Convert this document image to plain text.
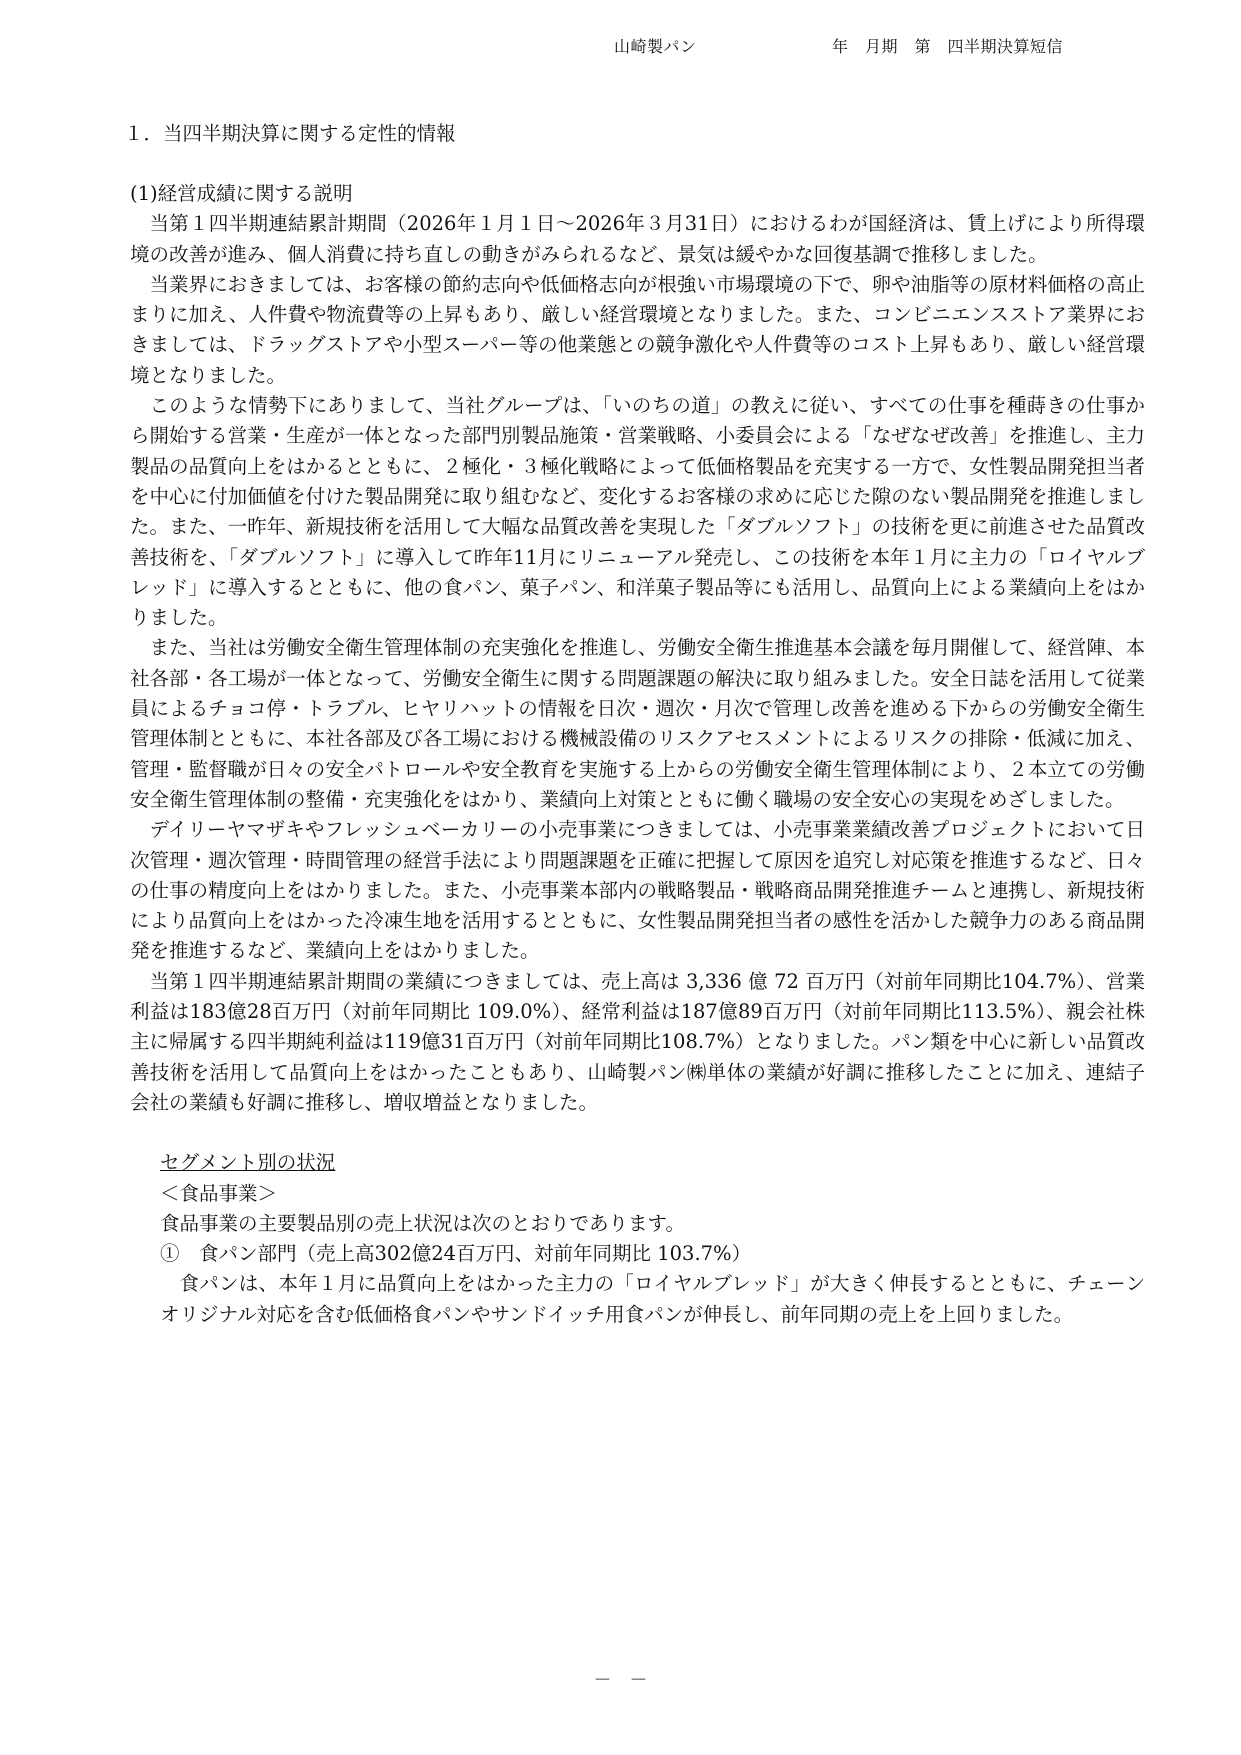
山崎製パン	年　月期　第　四半期決算短信
１．当四半期決算に関する定性的情報

(1)経営成績に関する説明

当第１四半期連結累計期間（2026年１月１日～2026年３月31日）におけるわが国経済は、賃上げにより所得環境の改善が進み、個人消費に持ち直しの動きがみられるなど、景気は緩やかな回復基調で推移しました。

当業界におきましては、お客様の節約志向や低価格志向が根強い市場環境の下で、卵や油脂等の原材料価格の高止まりに加え、人件費や物流費等の上昇もあり、厳しい経営環境となりました。また、コンビニエンスストア業界におきましては、ドラッグストアや小型スーパー等の他業態との競争激化や人件費等のコスト上昇もあり、厳しい経営環境となりました。

このような情勢下にありまして、当社グループは、「いのちの道」の教えに従い、すべての仕事を種蒔きの仕事から開始する営業・生産が一体となった部門別製品施策・営業戦略、小委員会による「なぜなぜ改善」を推進し、主力製品の品質向上をはかるとともに、２極化・３極化戦略によって低価格製品を充実する一方で、女性製品開発担当者を中心に付加価値を付けた製品開発に取り組むなど、変化するお客様の求めに応じた隙のない製品開発を推進しました。また、一昨年、新規技術を活用して大幅な品質改善を実現した「ダブルソフト」の技術を更に前進させた品質改善技術を、「ダブルソフト」に導入して昨年11月にリニューアル発売し、この技術を本年１月に主力の「ロイヤルブレッド」に導入するとともに、他の食パン、菓子パン、和洋菓子製品等にも活用し、品質向上による業績向上をはかりました。

また、当社は労働安全衛生管理体制の充実強化を推進し、労働安全衛生推進基本会議を毎月開催して、経営陣、本社各部・各工場が一体となって、労働安全衛生に関する問題課題の解決に取り組みました。安全日誌を活用して従業員によるチョコ停・トラブル、ヒヤリハットの情報を日次・週次・月次で管理し改善を進める下からの労働安全衛生管理体制とともに、本社各部及び各工場における機械設備のリスクアセスメントによるリスクの排除・低減に加え、管理・監督職が日々の安全パトロールや安全教育を実施する上からの労働安全衛生管理体制により、２本立ての労働安全衛生管理体制の整備・充実強化をはかり、業績向上対策とともに働く職場の安全安心の実現をめざしました。

デイリーヤマザキやフレッシュベーカリーの小売事業につきましては、小売事業業績改善プロジェクトにおいて日次管理・週次管理・時間管理の経営手法により問題課題を正確に把握して原因を追究し対応策を推進するなど、日々の仕事の精度向上をはかりました。また、小売事業本部内の戦略製品・戦略商品開発推進チームと連携し、新規技術により品質向上をはかった冷凍生地を活用するとともに、女性製品開発担当者の感性を活かした競争力のある商品開発を推進するなど、業績向上をはかりました。

当第１四半期連結累計期間の業績につきましては、売上高は 3,336 億 72 百万円（対前年同期比104.7%）、営業利益は183億28百万円（対前年同期比 109.0%）、経常利益は187億89百万円（対前年同期比113.5%）、親会社株主に帰属する四半期純利益は119億31百万円（対前年同期比108.7%）となりました。パン類を中心に新しい品質改善技術を活用して品質向上をはかったこともあり、山崎製パン㈱単体の業績が好調に推移したことに加え、連結子会社の業績も好調に推移し、増収増益となりました。

セグメント別の状況

＜食品事業＞

食品事業の主要製品別の売上状況は次のとおりであります。

①　食パン部門（売上高302億24百万円、対前年同期比 103.7%）

食パンは、本年１月に品質向上をはかった主力の「ロイヤルブレッド」が大きく伸長するとともに、チェーンオリジナル対応を含む低価格食パンやサンドイッチ用食パンが伸長し、前年同期の売上を上回りました。

－　－
